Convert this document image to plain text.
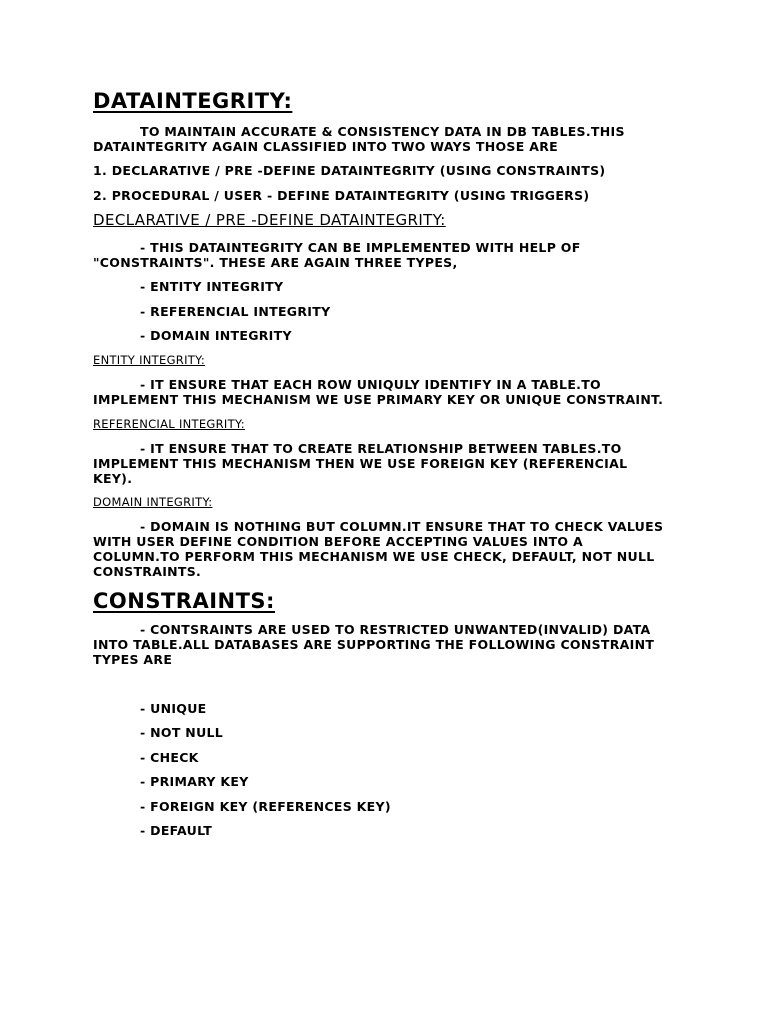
DATAINTEGRITY:
TO MAINTAIN ACCURATE & CONSISTENCY DATA IN DB TABLES.THIS
DATAINTEGRITY AGAIN CLASSIFIED INTO TWO WAYS THOSE ARE

1. DECLARATIVE / PRE -DEFINE DATAINTEGRITY (USING CONSTRAINTS)

2. PROCEDURAL / USER - DEFINE DATAINTEGRITY (USING TRIGGERS)

DECLARATIVE / PRE -DEFINE DATAINTEGRITY:
- THIS DATAINTEGRITY CAN BE IMPLEMENTED WITH HELP OF
"CONSTRAINTS". THESE ARE AGAIN THREE TYPES,

- ENTITY INTEGRITY

- REFERENCIAL INTEGRITY

- DOMAIN INTEGRITY

ENTITY INTEGRITY:
- IT ENSURE THAT EACH ROW UNIQULY IDENTIFY IN A TABLE.TO
IMPLEMENT THIS MECHANISM WE USE PRIMARY KEY OR UNIQUE CONSTRAINT.
REFERENCIAL INTEGRITY:
- IT ENSURE THAT TO CREATE RELATIONSHIP BETWEEN TABLES.TO
IMPLEMENT THIS MECHANISM THEN WE USE FOREIGN KEY (REFERENCIAL
KEY).
DOMAIN INTEGRITY:
- DOMAIN IS NOTHING BUT COLUMN.IT ENSURE THAT TO CHECK VALUES
WITH USER DEFINE CONDITION BEFORE ACCEPTING VALUES INTO A
COLUMN.TO PERFORM THIS MECHANISM WE USE CHECK, DEFAULT, NOT NULL
CONSTRAINTS.
CONSTRAINTS:
- CONTSRAINTS ARE USED TO RESTRICTED UNWANTED(INVALID) DATA
INTO TABLE.ALL DATABASES ARE SUPPORTING THE FOLLOWING CONSTRAINT
TYPES ARE

- UNIQUE

- NOT NULL

- CHECK

- PRIMARY KEY

- FOREIGN KEY (REFERENCES KEY)

- DEFAULT
